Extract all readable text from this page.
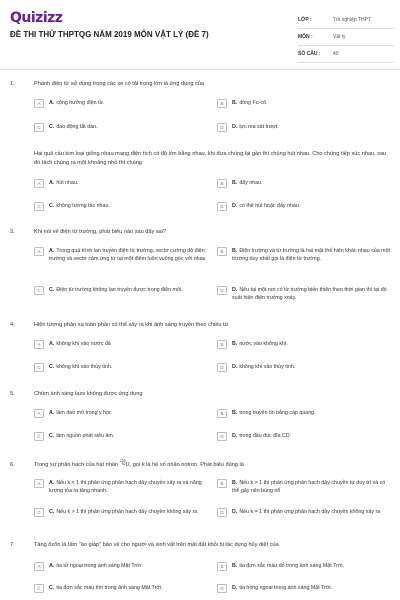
Quizizz
ĐỀ THI THỬ THPTQG NĂM 2019 MÔN VẬT LÝ (ĐỀ 7)
LỚP :	Tốt nghiệp THPT
MÔN :	Vật lý
SỐ CÂU :	40
1.	Phanh điện từ sử dụng trong các xe có tải trọng lớn là ứng dụng của
A	A. cộng hưởng điện từ.	B	B. dòng Fu-cô.
C	C. dao động tắt dần.	D	D. lực ma sát trượt.
Hai quả cầu kim loại giống nhau mang điện tích có độ lớn bằng nhau, khi đưa chúng lại gần thì chúng hút nhau. Cho chúng tiếp xúc nhau, sau đó tách chúng ra một khoảng nhỏ thì chúng
A	A. hút nhau.	B	B. đẩy nhau
C	C. không tương tác nhau.	D	D. có thể hút hoặc đẩy nhau
3.	Khi nói về điện từ trường, phát biểu nào sau đây sai?
A	A. Trong quá trình lan truyền điện từ trường, vectơ cường độ điện trường và vectơ cảm ứng từ tại một điểm luôn vuông góc với nhau
B	B. Điện trường và từ trường là hai mặt thể hiện khác nhau của một trường duy nhất gọi là điện từ trường.
C	C. Điện từ trường không lan truyền được trong điện môi.	D	D. Nếu tại một nơi có từ trường biến thiên theo thời gian thì tại đó xuất hiện điện trường xoáy.
4.	Hiện tượng phản xạ toàn phần có thể xảy ra khi ánh sáng truyền theo chiều từ
A	A. không khí vào nước đá	B	B. nước vào không khí.
C	C. không khí vào thủy tinh.	D	D. không khí vào thủy tinh.
5.	Chùm ánh sáng laze không được ứng dụng
A	A. làm dao mổ trong y học	B	B. trong truyền tin bằng cáp quang.
C	C. làm nguồn phát siêu âm.	D	D. trong đầu đọc đĩa CD
6.	Trong sự phân hạch của hạt nhân 235
92U, gọi k là hệ số nhân notron. Phát biểu đúng là
A	A. Nếu k < 1 thì phản ứng phân hạch dây chuyền xảy ra và năng lượng tỏa ra tăng nhanh.
B	B. Nếu k > 1 thì phản ứng phân hạch dây chuyền tự duy trì và có thể gây nên bùng nổ
C	C. Nếu k > 1 thì phản ứng phân hạch dây chuyền không xảy ra	D	D. Nếu k = 1 thì phản ứng phân hạch dây chuyền không xảy ra
7.	Tầng ôzôn là tấm "áo giáp" bảo vệ cho người và sinh vật trên mặt đất khỏi bị tác dụng hủy diệt của
A	A. tia tử ngoại trong ánh sáng Mặt Trời	B	B. tia đơn sắc màu đỏ trong ánh sáng Mặt Trời.
C	C. tia đơn sắc màu tím trong ánh sáng Mặt Trời.	D	D. tia hồng ngoại trong ánh sáng Mặt Trời.
